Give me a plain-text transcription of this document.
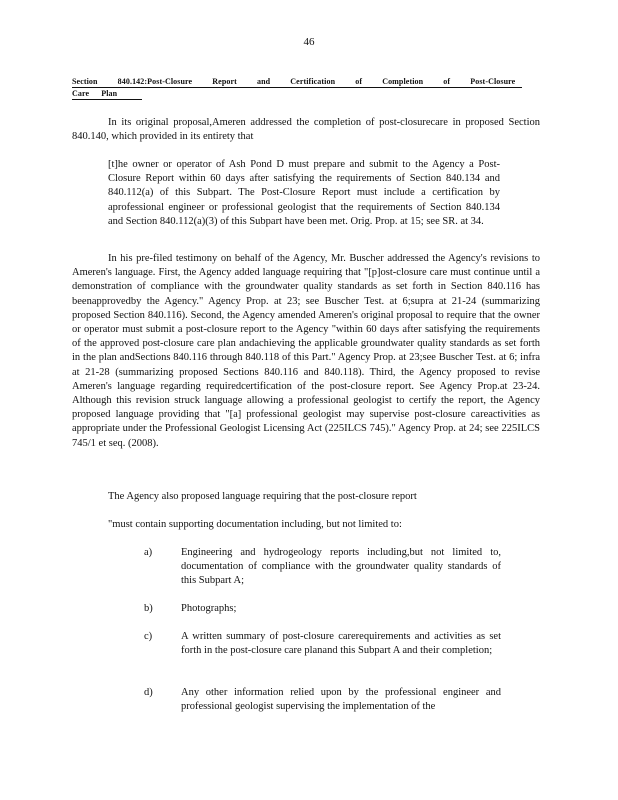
46
Section 840.142:Post-Closure Report and Certification of Completion of Post-Closure
Care Plan

In its original proposal,Ameren addressed the completion of post-closurecare in proposed Section 840.140, which provided in its entirety that

[t]he owner or operator of Ash Pond D must prepare and submit to the Agency a Post-Closure Report within 60 days after satisfying the requirements of Section 840.134 and 840.112(a) of this Subpart. The Post-Closure Report must include a certification by aprofessional engineer or professional geologist that the requirements of Section 840.134 and Section 840.112(a)(3) of this Subpart have been met. Orig. Prop. at 15; see SR. at 34.

In his pre-filed testimony on behalf of the Agency, Mr. Buscher addressed the Agency's revisions to Ameren's language. First, the Agency added language requiring that "[p]ost-closure care must continue until a demonstration of compliance with the groundwater quality standards as set forth in Section 840.116 has beenapprovedby the Agency." Agency Prop. at 23; see Buscher Test. at 6;supra at 21-24 (summarizing proposed Section 840.116). Second, the Agency amended Ameren's original proposal to require that the owner or operator must submit a post-closure report to the Agency "within 60 days after satisfying the requirements of the approved post-closure care plan andachieving the applicable groundwater quality standards as set forth in the plan andSections 840.116 through 840.118 of this Part." Agency Prop. at 23;see Buscher Test. at 6; infra at 21-28 (summarizing proposed Sections 840.116 and 840.118). Third, the Agency proposed to revise Ameren's language regarding requiredcertification of the post-closure report. See Agency Prop.at 23-24. Although this revision struck language allowing a professional geologist to certify the report, the Agency proposed language providing that "[a] professional geologist may supervise post-closure careactivities as appropriate under the Professional Geologist Licensing Act (225ILCS 745)." Agency Prop. at 24; see 225ILCS 745/1 et seq. (2008).

The Agency also proposed language requiring that the post-closure report

"must contain supporting documentation including, but not limited to:

a)	Engineering and hydrogeology reports including,but not limited to, documentation of compliance with the groundwater quality standards of this Subpart A;
b)	Photographs;
c)	A written summary of post-closure carerequirements and activities as set forth in the post-closure care planand this Subpart A and their completion;
d)	Any other information relied upon by the professional engineer and professional geologist supervising the implementation of the
